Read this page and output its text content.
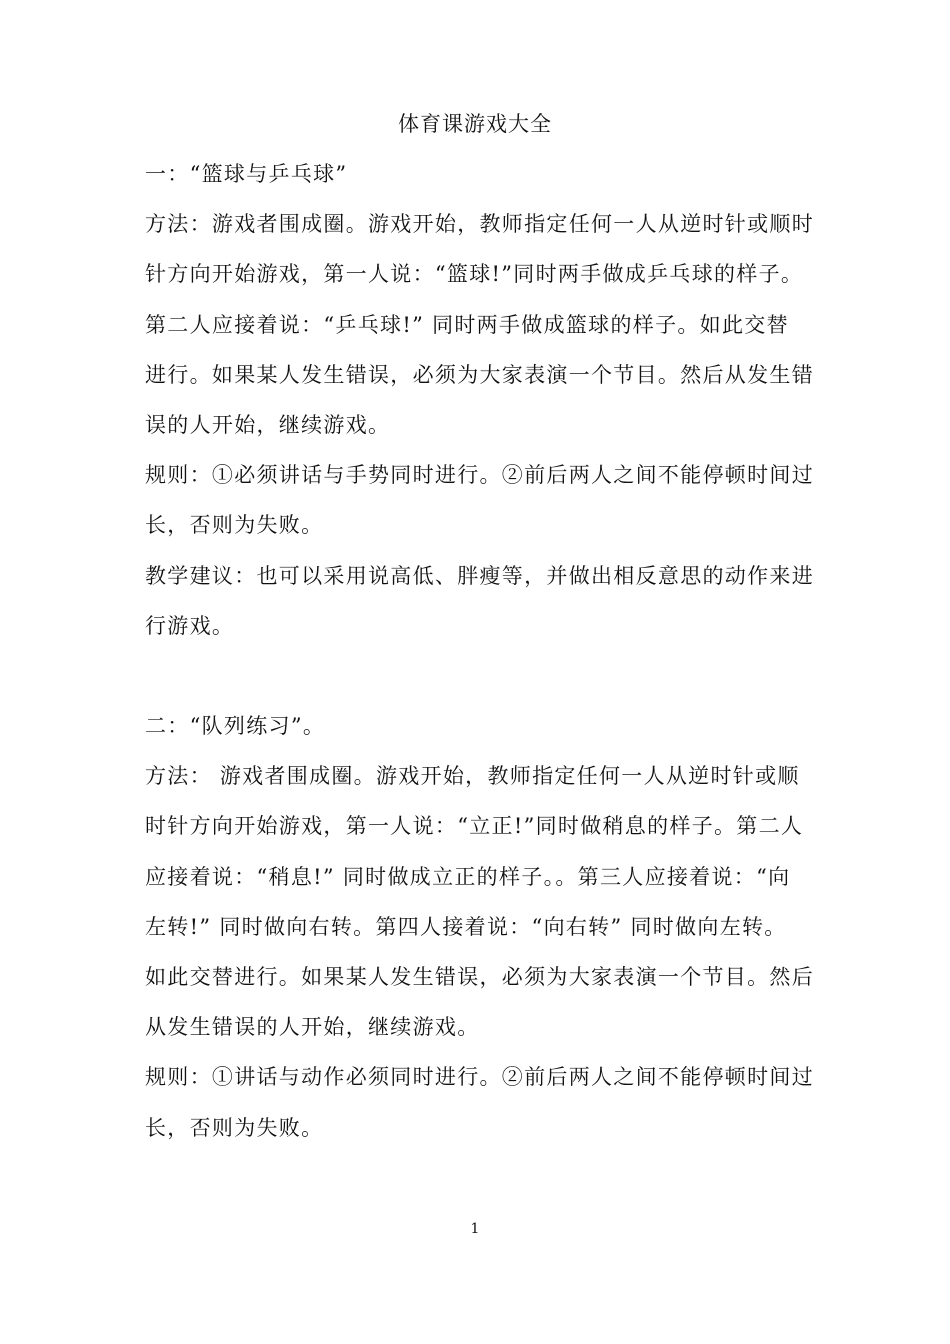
体育课游戏大全
一：“篮球与乒乓球”
方法：游戏者围成圈。游戏开始，教师指定任何一人从逆时针或顺时
针方向开始游戏，第一人说：“篮球!”同时两手做成乒乓球的样子。
第二人应接着说：“乒乓球!” 同时两手做成篮球的样子。如此交替
进行。如果某人发生错误，必须为大家表演一个节目。然后从发生错
误的人开始，继续游戏。
规则：①必须讲话与手势同时进行。②前后两人之间不能停顿时间过
长，否则为失败。
教学建议：也可以采用说高低、胖瘦等，并做出相反意思的动作来进
行游戏。
二：“队列练习”。
方法： 游戏者围成圈。游戏开始，教师指定任何一人从逆时针或顺
时针方向开始游戏，第一人说：“立正!”同时做稍息的样子。第二人
应接着说：“稍息!” 同时做成立正的样子。。第三人应接着说：“向
左转!” 同时做向右转。第四人接着说：“向右转” 同时做向左转。
如此交替进行。如果某人发生错误，必须为大家表演一个节目。然后
从发生错误的人开始，继续游戏。
规则：①讲话与动作必须同时进行。②前后两人之间不能停顿时间过
长，否则为失败。
1
